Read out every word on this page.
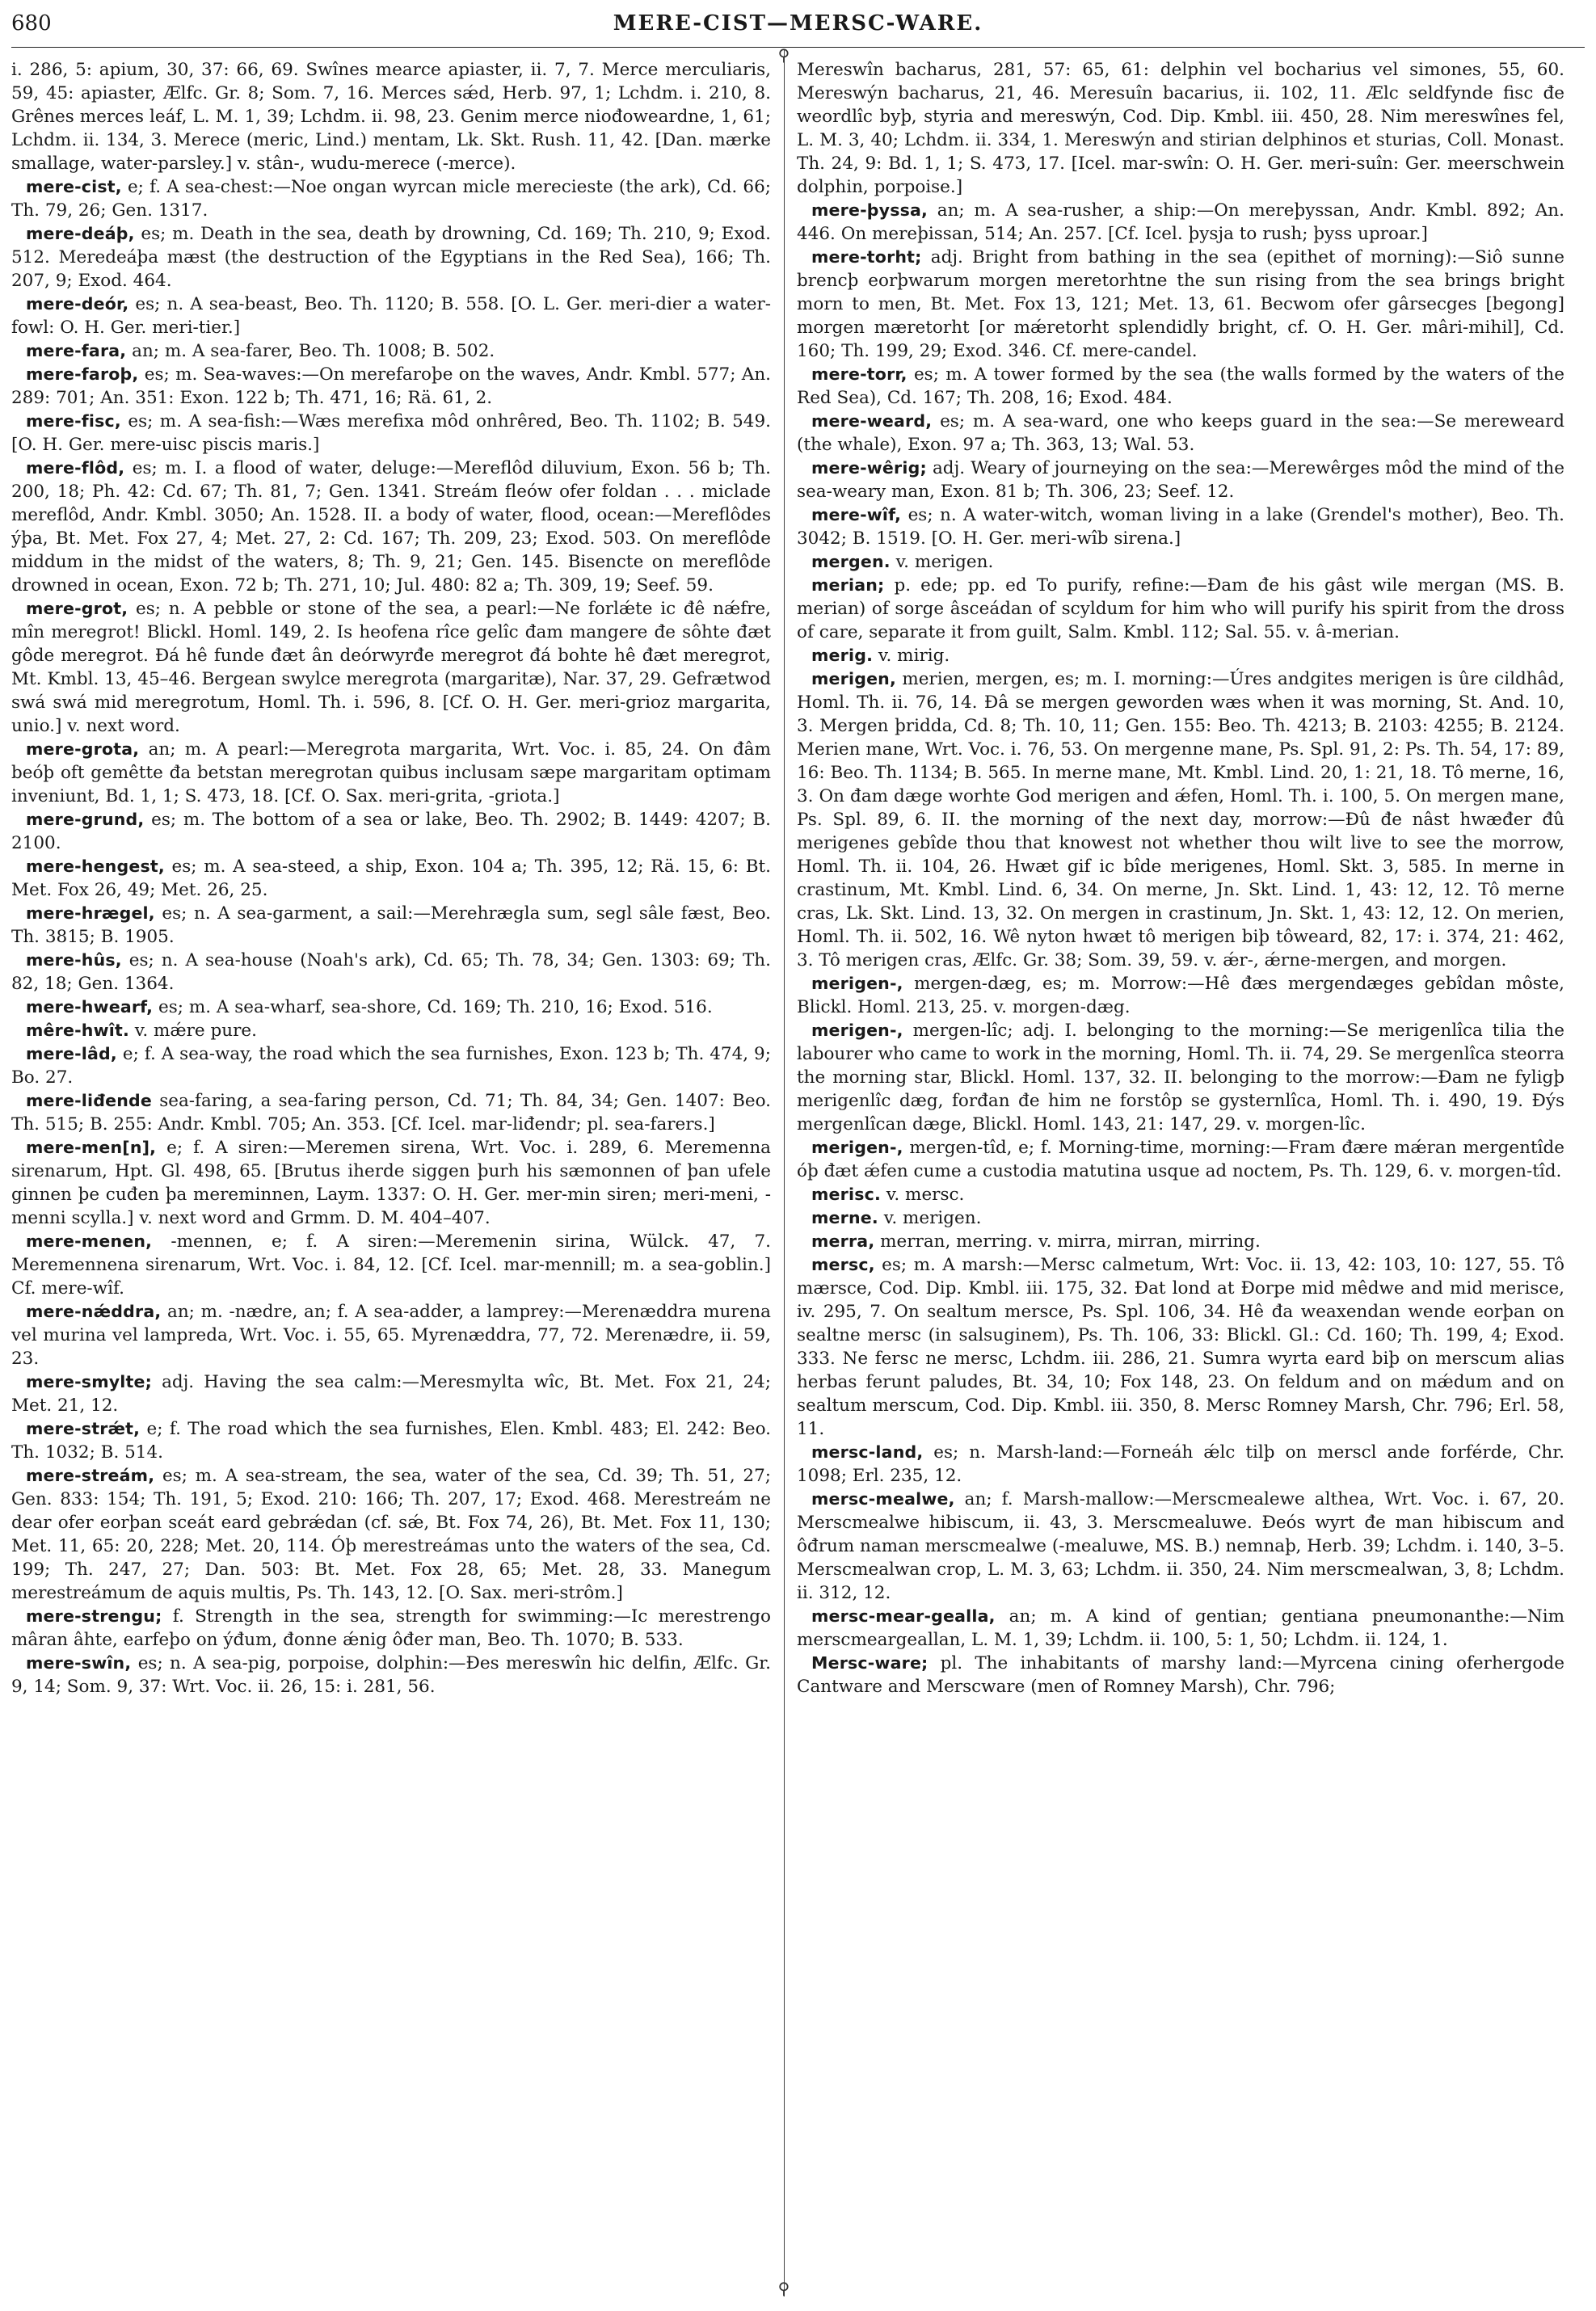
680	MERE-CIST—MERSC-WARE.
⚲
⚲

i. 286, 5: apium, 30, 37: 66, 69. Swînes mearce apiaster, ii. 7, 7. Merce merculiaris, 59, 45: apiaster, Ælfc. Gr. 8; Som. 7, 16. Merces sǽd, Herb. 97, 1; Lchdm. i. 210, 8. Grênes merces leáf, L. M. 1, 39; Lchdm. ii. 98, 23. Genim merce niođoweardne, 1, 61; Lchdm. ii. 134, 3. Merece (meric, Lind.) mentam, Lk. Skt. Rush. 11, 42. [Dan. mærke smallage, water-parsley.] v. stân-, wudu-merece (-merce).

mere-cist, e; f. A sea-chest:—Noe ongan wyrcan micle merecieste (the ark), Cd. 66; Th. 79, 26; Gen. 1317.

mere-deáþ, es; m. Death in the sea, death by drowning, Cd. 169; Th. 210, 9; Exod. 512. Meredeáþa mæst (the destruction of the Egyptians in the Red Sea), 166; Th. 207, 9; Exod. 464.

mere-deór, es; n. A sea-beast, Beo. Th. 1120; B. 558. [O. L. Ger. meri-dier a water-fowl: O. H. Ger. meri-tier.]

mere-fara, an; m. A sea-farer, Beo. Th. 1008; B. 502.

mere-faroþ, es; m. Sea-waves:—On merefaroþe on the waves, Andr. Kmbl. 577; An. 289: 701; An. 351: Exon. 122 b; Th. 471, 16; Rä. 61, 2.

mere-fisc, es; m. A sea-fish:—Wæs merefixa môd onhrêred, Beo. Th. 1102; B. 549. [O. H. Ger. mere-uisc piscis maris.]

mere-flôd, es; m. I. a flood of water, deluge:—Mereflôd diluvium, Exon. 56 b; Th. 200, 18; Ph. 42: Cd. 67; Th. 81, 7; Gen. 1341. Streám fleów ofer foldan . . . miclade mereflôd, Andr. Kmbl. 3050; An. 1528. II. a body of water, flood, ocean:—Mereflôdes ýþa, Bt. Met. Fox 27, 4; Met. 27, 2: Cd. 167; Th. 209, 23; Exod. 503. On mereflôde middum in the midst of the waters, 8; Th. 9, 21; Gen. 145. Bisencte on mereflôde drowned in ocean, Exon. 72 b; Th. 271, 10; Jul. 480: 82 a; Th. 309, 19; Seef. 59.

mere-grot, es; n. A pebble or stone of the sea, a pearl:—Ne forlǽte ic đê nǽfre, mîn meregrot! Blickl. Homl. 149, 2. Is heofena rîce gelîc đam mangere đe sôhte đæt gôde meregrot. Đá hê funde đæt ân deórwyrđe meregrot đá bohte hê đæt meregrot, Mt. Kmbl. 13, 45–46. Bergean swylce meregrota (margaritæ), Nar. 37, 29. Gefrætwod swá swá mid meregrotum, Homl. Th. i. 596, 8. [Cf. O. H. Ger. meri-grioz margarita, unio.] v. next word.

mere-grota, an; m. A pearl:—Meregrota margarita, Wrt. Voc. i. 85, 24. On đâm beóþ oft gemêtte đa betstan meregrotan quibus inclusam sæpe margaritam optimam inveniunt, Bd. 1, 1; S. 473, 18. [Cf. O. Sax. meri-grita, -griota.]

mere-grund, es; m. The bottom of a sea or lake, Beo. Th. 2902; B. 1449: 4207; B. 2100.

mere-hengest, es; m. A sea-steed, a ship, Exon. 104 a; Th. 395, 12; Rä. 15, 6: Bt. Met. Fox 26, 49; Met. 26, 25.

mere-hrægel, es; n. A sea-garment, a sail:—Merehrægla sum, segl sâle fæst, Beo. Th. 3815; B. 1905.

mere-hûs, es; n. A sea-house (Noah's ark), Cd. 65; Th. 78, 34; Gen. 1303: 69; Th. 82, 18; Gen. 1364.

mere-hwearf, es; m. A sea-wharf, sea-shore, Cd. 169; Th. 210, 16; Exod. 516.

mêre-hwît. v. mǽre pure.

mere-lâd, e; f. A sea-way, the road which the sea furnishes, Exon. 123 b; Th. 474, 9; Bo. 27.

mere-liđende sea-faring, a sea-faring person, Cd. 71; Th. 84, 34; Gen. 1407: Beo. Th. 515; B. 255: Andr. Kmbl. 705; An. 353. [Cf. Icel. mar-liđendr; pl. sea-farers.]

mere-men[n], e; f. A siren:—Meremen sirena, Wrt. Voc. i. 289, 6. Meremenna sirenarum, Hpt. Gl. 498, 65. [Brutus iherde siggen þurh his sæmonnen of þan ufele ginnen þe cuđen þa mereminnen, Laym. 1337: O. H. Ger. mer-min siren; meri-meni, -menni scylla.] v. next word and Grmm. D. M. 404–407.

mere-menen, -mennen, e; f. A siren:—Meremenin sirina, Wülck. 47, 7. Meremennena sirenarum, Wrt. Voc. i. 84, 12. [Cf. Icel. mar-mennill; m. a sea-goblin.] Cf. mere-wîf.

mere-nǽddra, an; m. -nædre, an; f. A sea-adder, a lamprey:—Merenæddra murena vel murina vel lampreda, Wrt. Voc. i. 55, 65. Myrenæddra, 77, 72. Merenædre, ii. 59, 23.

mere-smylte; adj. Having the sea calm:—Meresmylta wîc, Bt. Met. Fox 21, 24; Met. 21, 12.

mere-strǽt, e; f. The road which the sea furnishes, Elen. Kmbl. 483; El. 242: Beo. Th. 1032; B. 514.

mere-streám, es; m. A sea-stream, the sea, water of the sea, Cd. 39; Th. 51, 27; Gen. 833: 154; Th. 191, 5; Exod. 210: 166; Th. 207, 17; Exod. 468. Merestreám ne dear ofer eorþan sceát eard gebrǽdan (cf. sǽ, Bt. Fox 74, 26), Bt. Met. Fox 11, 130; Met. 11, 65: 20, 228; Met. 20, 114. Óþ merestreámas unto the waters of the sea, Cd. 199; Th. 247, 27; Dan. 503: Bt. Met. Fox 28, 65; Met. 28, 33. Manegum merestreámum de aquis multis, Ps. Th. 143, 12. [O. Sax. meri-strôm.]

mere-strengu; f. Strength in the sea, strength for swimming:—Ic merestrengo mâran âhte, earfeþo on ýđum, đonne ǽnig ôđer man, Beo. Th. 1070; B. 533.

mere-swîn, es; n. A sea-pig, porpoise, dolphin:—Đes mereswîn hic delfin, Ælfc. Gr. 9, 14; Som. 9, 37: Wrt. Voc. ii. 26, 15: i. 281, 56.

Mereswîn bacharus, 281, 57: 65, 61: delphin vel bocharius vel simones, 55, 60. Mereswýn bacharus, 21, 46. Meresuîn bacarius, ii. 102, 11. Ælc seldfynde fisc đe weordlîc byþ, styria and mereswýn, Cod. Dip. Kmbl. iii. 450, 28. Nim mereswînes fel, L. M. 3, 40; Lchdm. ii. 334, 1. Mereswýn and stirian delphinos et sturias, Coll. Monast. Th. 24, 9: Bd. 1, 1; S. 473, 17. [Icel. mar-swîn: O. H. Ger. meri-suîn: Ger. meerschwein dolphin, porpoise.]

mere-þyssa, an; m. A sea-rusher, a ship:—On mereþyssan, Andr. Kmbl. 892; An. 446. On mereþissan, 514; An. 257. [Cf. Icel. þysja to rush; þyss uproar.]

mere-torht; adj. Bright from bathing in the sea (epithet of morning):—Siô sunne brencþ eorþwarum morgen meretorhtne the sun rising from the sea brings bright morn to men, Bt. Met. Fox 13, 121; Met. 13, 61. Becwom ofer gârsecges [begong] morgen mæretorht [or mǽretorht splendidly bright, cf. O. H. Ger. mâri-mihil], Cd. 160; Th. 199, 29; Exod. 346. Cf. mere-candel.

mere-torr, es; m. A tower formed by the sea (the walls formed by the waters of the Red Sea), Cd. 167; Th. 208, 16; Exod. 484.

mere-weard, es; m. A sea-ward, one who keeps guard in the sea:—Se mereweard (the whale), Exon. 97 a; Th. 363, 13; Wal. 53.

mere-wêrig; adj. Weary of journeying on the sea:—Merewêrges môd the mind of the sea-weary man, Exon. 81 b; Th. 306, 23; Seef. 12.

mere-wîf, es; n. A water-witch, woman living in a lake (Grendel's mother), Beo. Th. 3042; B. 1519. [O. H. Ger. meri-wîb sirena.]

mergen. v. merigen.

merian; p. ede; pp. ed To purify, refine:—Đam đe his gâst wile mergan (MS. B. merian) of sorge âsceádan of scyldum for him who will purify his spirit from the dross of care, separate it from guilt, Salm. Kmbl. 112; Sal. 55. v. â-merian.

merig. v. mirig.

merigen, merien, mergen, es; m. I. morning:—Úres andgites merigen is ûre cildhâd, Homl. Th. ii. 76, 14. Đâ se mergen geworden wæs when it was morning, St. And. 10, 3. Mergen þridda, Cd. 8; Th. 10, 11; Gen. 155: Beo. Th. 4213; B. 2103: 4255; B. 2124. Merien mane, Wrt. Voc. i. 76, 53. On mergenne mane, Ps. Spl. 91, 2: Ps. Th. 54, 17: 89, 16: Beo. Th. 1134; B. 565. In merne mane, Mt. Kmbl. Lind. 20, 1: 21, 18. Tô merne, 16, 3. On đam dæge worhte God merigen and ǽfen, Homl. Th. i. 100, 5. On mergen mane, Ps. Spl. 89, 6. II. the morning of the next day, morrow:—Đû đe nâst hwæđer đû merigenes gebîde thou that knowest not whether thou wilt live to see the morrow, Homl. Th. ii. 104, 26. Hwæt gif ic bîde merigenes, Homl. Skt. 3, 585. In merne in crastinum, Mt. Kmbl. Lind. 6, 34. On merne, Jn. Skt. Lind. 1, 43: 12, 12. Tô merne cras, Lk. Skt. Lind. 13, 32. On mergen in crastinum, Jn. Skt. 1, 43: 12, 12. On merien, Homl. Th. ii. 502, 16. Wê nyton hwæt tô merigen biþ tôweard, 82, 17: i. 374, 21: 462, 3. Tô merigen cras, Ælfc. Gr. 38; Som. 39, 59. v. ǽr-, ǽrne-mergen, and morgen.

merigen-, mergen-dæg, es; m. Morrow:—Hê đæs mergendæges gebîdan môste, Blickl. Homl. 213, 25. v. morgen-dæg.

merigen-, mergen-lîc; adj. I. belonging to the morning:—Se merigenlîca tilia the labourer who came to work in the morning, Homl. Th. ii. 74, 29. Se mergenlîca steorra the morning star, Blickl. Homl. 137, 32. II. belonging to the morrow:—Đam ne fyligþ merigenlîc dæg, forđan đe him ne forstôp se gysternlîca, Homl. Th. i. 490, 19. Đýs mergenlîcan dæge, Blickl. Homl. 143, 21: 147, 29. v. morgen-lîc.

merigen-, mergen-tîd, e; f. Morning-time, morning:—Fram đære mǽran mergentîde óþ đæt ǽfen cume a custodia matutina usque ad noctem, Ps. Th. 129, 6. v. morgen-tîd.

merisc. v. mersc.

merne. v. merigen.

merra, merran, merring. v. mirra, mirran, mirring.

mersc, es; m. A marsh:—Mersc calmetum, Wrt: Voc. ii. 13, 42: 103, 10: 127, 55. Tô mærsce, Cod. Dip. Kmbl. iii. 175, 32. Đat lond at Đorpe mid mêdwe and mid merisce, iv. 295, 7. On sealtum mersce, Ps. Spl. 106, 34. Hê đa weaxendan wende eorþan on sealtne mersc (in salsuginem), Ps. Th. 106, 33: Blickl. Gl.: Cd. 160; Th. 199, 4; Exod. 333. Ne fersc ne mersc, Lchdm. iii. 286, 21. Sumra wyrta eard biþ on merscum alias herbas ferunt paludes, Bt. 34, 10; Fox 148, 23. On feldum and on mǽdum and on sealtum merscum, Cod. Dip. Kmbl. iii. 350, 8. Mersc Romney Marsh, Chr. 796; Erl. 58, 11.

mersc-land, es; n. Marsh-land:—Forneáh ǽlc tilþ on merscl ande forférde, Chr. 1098; Erl. 235, 12.

mersc-mealwe, an; f. Marsh-mallow:—Merscmealewe althea, Wrt. Voc. i. 67, 20. Merscmealwe hibiscum, ii. 43, 3. Merscmealuwe. Đeós wyrt đe man hibiscum and ôđrum naman merscmealwe (-mealuwe, MS. B.) nemnaþ, Herb. 39; Lchdm. i. 140, 3–5. Merscmealwan crop, L. M. 3, 63; Lchdm. ii. 350, 24. Nim merscmealwan, 3, 8; Lchdm. ii. 312, 12.

mersc-mear-gealla, an; m. A kind of gentian; gentiana pneumonanthe:—Nim merscmeargeallan, L. M. 1, 39; Lchdm. ii. 100, 5: 1, 50; Lchdm. ii. 124, 1.

Mersc-ware; pl. The inhabitants of marshy land:—Myrcena cining oferhergode Cantware and Merscware (men of Romney Marsh), Chr. 796;
